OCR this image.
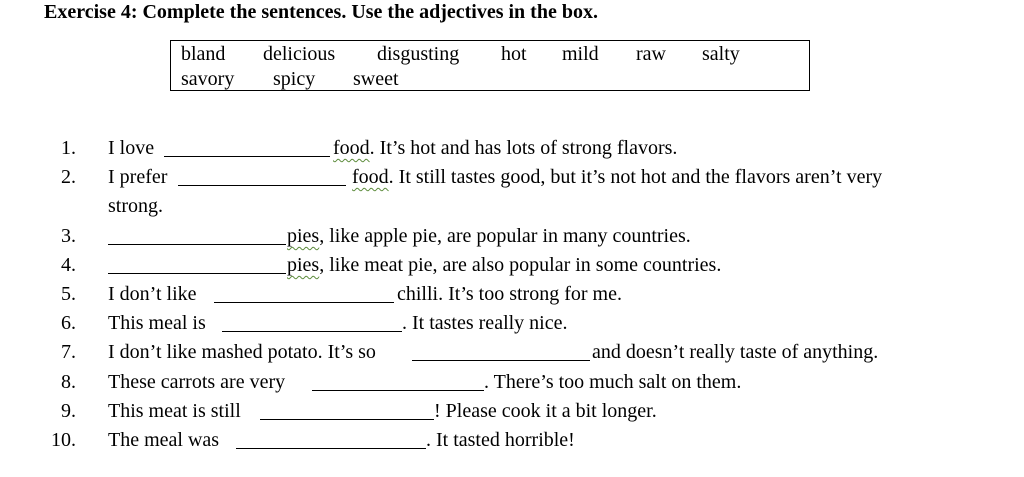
Exercise 4: Complete the sentences. Use the adjectives in the box.
bland delicious disgusting hot mild raw salty
savory spicy sweet
1. I love	food. It’s hot and has lots of strong flavors.
2. I prefer	food. It still tastes good, but it’s not hot and the flavors aren’t very
strong.
3.	pies, like apple pie, are popular in many countries.
4.	pies, like meat pie, are also popular in some countries.
5. I don’t like	chilli. It’s too strong for me.
6. This meal is	. It tastes really nice.
7. I don’t like mashed potato. It’s so	and doesn’t really taste of anything.
8. These carrots are very	. There’s too much salt on them.
9. This meat is still	! Please cook it a bit longer.
10. The meal was	. It tasted horrible!
